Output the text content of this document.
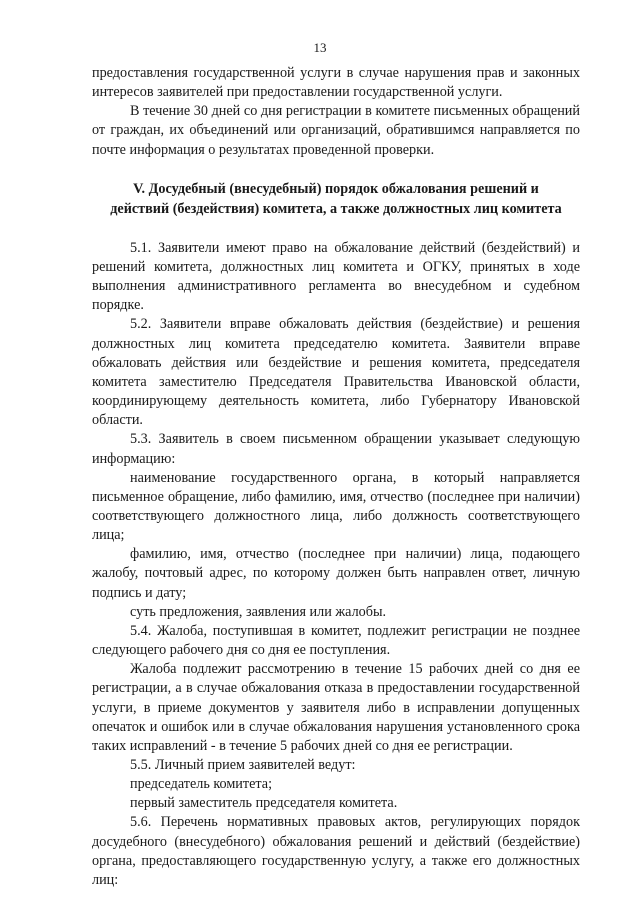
13

предоставления государственной услуги в случае нарушения прав и законных интересов заявителей при предоставлении государственной услуги.

В течение 30 дней со дня регистрации в комитете письменных обращений от граждан, их объединений или организаций, обратившимся направляется по почте информация о результатах проведенной проверки.

V. Досудебный (внесудебный) порядок обжалования решений и
действий (бездействия) комитета, а также должностных лиц комитета

5.1. Заявители имеют право на обжалование действий (бездействий) и решений комитета, должностных лиц комитета и ОГКУ, принятых в ходе выполнения административного регламента во внесудебном и судебном порядке.

5.2. Заявители вправе обжаловать действия (бездействие) и решения должностных лиц комитета председателю комитета. Заявители вправе обжаловать действия или бездействие и решения комитета, председателя комитета заместителю Председателя Правительства Ивановской области, координирующему деятельность комитета, либо Губернатору Ивановской области.

5.3. Заявитель в своем письменном обращении указывает следующую информацию:

наименование государственного органа, в который направляется письменное обращение, либо фамилию, имя, отчество (последнее при наличии) соответствующего должностного лица, либо должность соответствующего лица;

фамилию, имя, отчество (последнее при наличии) лица, подающего жалобу, почтовый адрес, по которому должен быть направлен ответ, личную подпись и дату;

суть предложения, заявления или жалобы.

5.4. Жалоба, поступившая в комитет, подлежит регистрации не позднее следующего рабочего дня со дня ее поступления.

Жалоба подлежит рассмотрению в течение 15 рабочих дней со дня ее регистрации, а в случае обжалования отказа в предоставлении государственной услуги, в приеме документов у заявителя либо в исправлении допущенных опечаток и ошибок или в случае обжалования нарушения установленного срока таких исправлений - в течение 5 рабочих дней со дня ее регистрации.

5.5. Личный прием заявителей ведут:

председатель комитета;

первый заместитель председателя комитета.

5.6. Перечень нормативных правовых актов, регулирующих порядок досудебного (внесудебного) обжалования решений и действий (бездействие) органа, предоставляющего государственную услугу, а также его должностных лиц:
